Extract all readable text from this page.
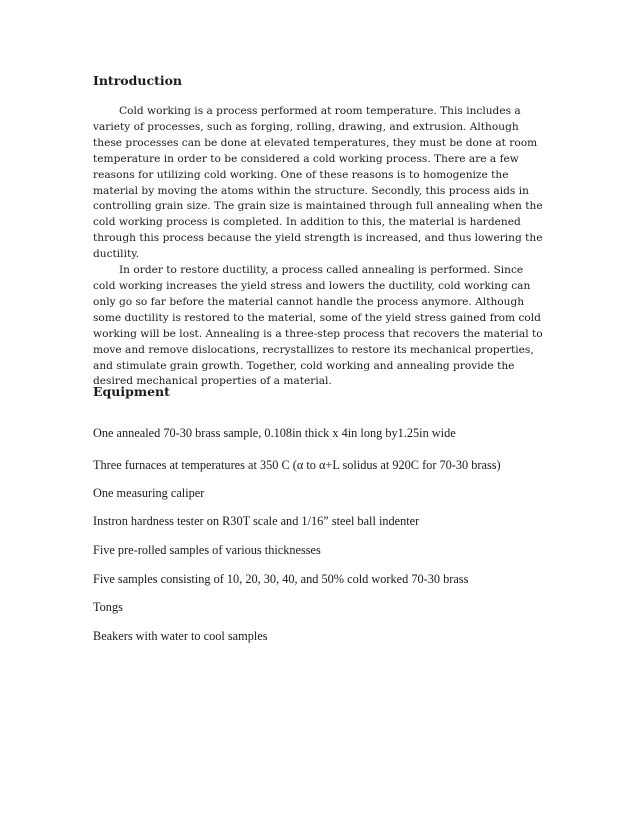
Introduction

Cold working is a process performed at room temperature. This includes a variety of processes, such as forging, rolling, drawing, and extrusion. Although these processes can be done at elevated temperatures, they must be done at room temperature in order to be considered a cold working process. There are a few reasons for utilizing cold working. One of these reasons is to homogenize the material by moving the atoms within the structure. Secondly, this process aids in controlling grain size. The grain size is maintained through full annealing when the cold working process is completed. In addition to this, the material is hardened through this process because the yield strength is increased, and thus lowering the ductility.

In order to restore ductility, a process called annealing is performed. Since cold working increases the yield stress and lowers the ductility, cold working can only go so far before the material cannot handle the process anymore. Although some ductility is restored to the material, some of the yield stress gained from cold working will be lost. Annealing is a three-step process that recovers the material to move and remove dislocations, recrystallizes to restore its mechanical properties, and stimulate grain growth. Together, cold working and annealing provide the desired mechanical properties of a material.

Equipment
One annealed 70-30 brass sample, 0.108in thick x 4in long by1.25in wide
Three furnaces at temperatures at 350 C (α to α+L solidus at 920C for 70-30 brass)
One measuring caliper
Instron hardness tester on R30T scale and 1/16” steel ball indenter
Five pre-rolled samples of various thicknesses
Five samples consisting of 10, 20, 30, 40, and 50% cold worked 70-30 brass
Tongs
Beakers with water to cool samples
